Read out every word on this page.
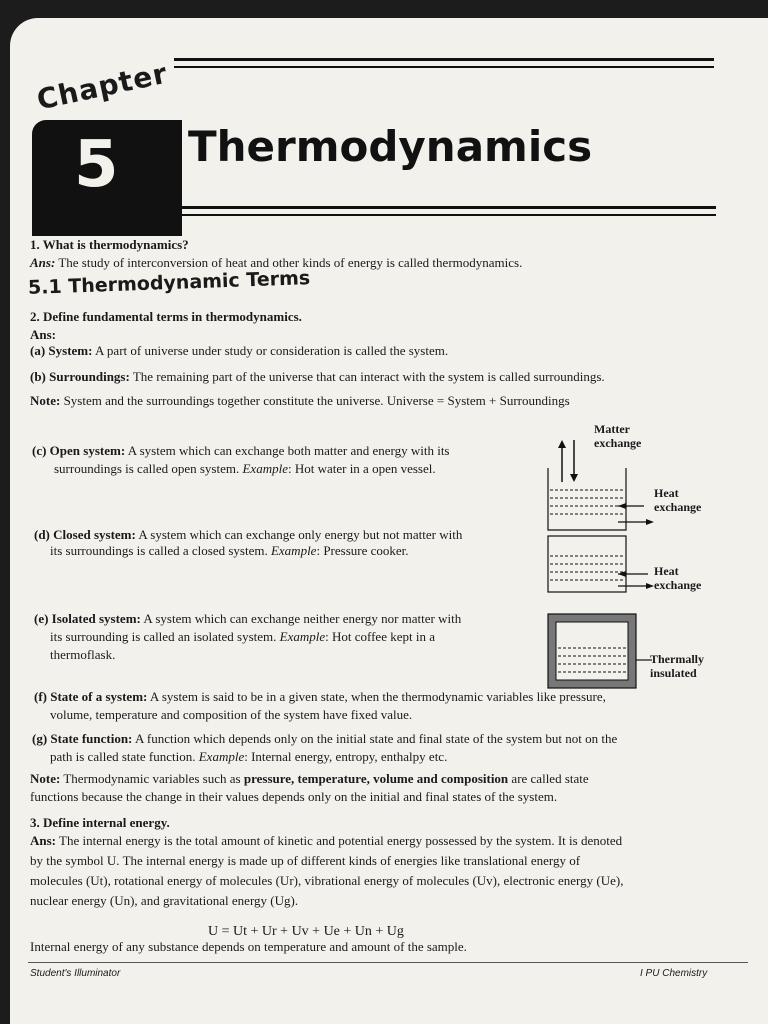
Chapter
5 Thermodynamics
1. What is thermodynamics?
Ans: The study of interconversion of heat and other kinds of energy is called thermodynamics.
5.1 Thermodynamic Terms
2. Define fundamental terms in thermodynamics.
Ans:
(a) System: A part of universe under study or consideration is called the system.
(b) Surroundings: The remaining part of the universe that can interact with the system is called surroundings.
Note: System and the surroundings together constitute the universe. Universe = System + Surroundings
(c) Open system: A system which can exchange both matter and energy with its
surroundings is called open system. Example: Hot water in a open vessel.
(d) Closed system: A system which can exchange only energy but not matter with
its surroundings is called a closed system. Example: Pressure cooker.
(e) Isolated system: A system which can exchange neither energy nor matter with
its surrounding is called an isolated system. Example: Hot coffee kept in a
thermoflask.
(f) State of a system: A system is said to be in a given state, when the thermodynamic variables like pressure,
volume, temperature and composition of the system have fixed value.
(g) State function: A function which depends only on the initial state and final state of the system but not on the
path is called state function. Example: Internal energy, entropy, enthalpy etc.
Note: Thermodynamic variables such as pressure, temperature, volume and composition are called state
functions because the change in their values depends only on the initial and final states of the system.
3. Define internal energy.
Ans: The internal energy is the total amount of kinetic and potential energy possessed by the system. It is denoted
by the symbol U. The internal energy is made up of different kinds of energies like translational energy of
molecules (Ut), rotational energy of molecules (Ur), vibrational energy of molecules (Uv), electronic energy (Ue),
nuclear energy (Un), and gravitational energy (Ug).
U = Ut + Ur + Uv + Ue + Un + Ug
Internal energy of any substance depends on temperature and amount of the sample.
Matter exchange
Heat exchange
Heat exchange
Thermally insulated
Student's Illuminator	I PU Chemistry
